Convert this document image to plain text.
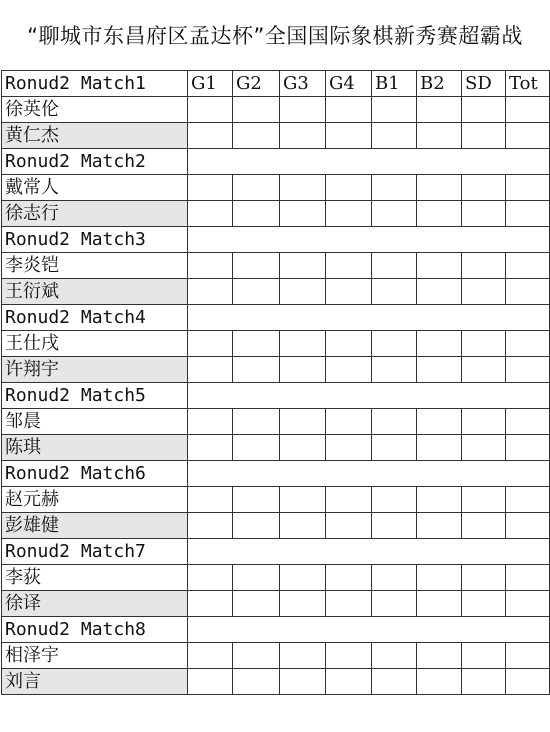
“聊城市东昌府区孟达杯”全国国际象棋新秀赛超霸战
Ronud2 Match1	G1	G2	G3	G4	B1	B2	SD	Tot
徐英伦								
黄仁杰								
Ronud2 Match2								
戴常人								
徐志行								
Ronud2 Match3								
李炎铠								
王衍斌								
Ronud2 Match4								
王仕戌								
许翔宇								
Ronud2 Match5								
邹晨								
陈琪								
Ronud2 Match6								
赵元赫								
彭雄健								
Ronud2 Match7								
李荻								
徐译								
Ronud2 Match8								
相泽宇								
刘言								
